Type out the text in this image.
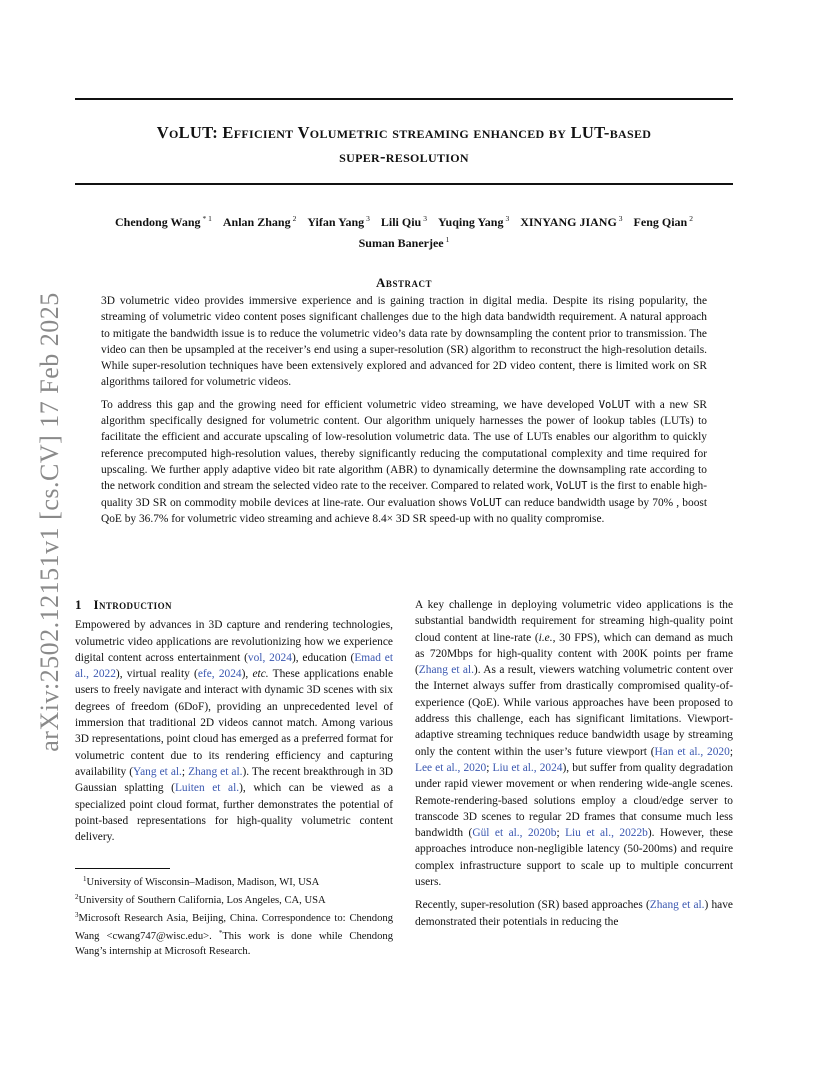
arXiv:2502.12151v1 [cs.CV] 17 Feb 2025
VoLUT: Efficient Volumetric streaming enhanced by LUT-based
super-resolution
Chendong Wang $^{* 1}$ Anlan Zhang $^2$ Yifan Yang $^3$ Lili Qiu $^3$ Yuqing Yang $^3$ XINYANG JIANG $^3$ Feng Qian $^2$
Suman Banerjee $^1$
Abstract

3D volumetric video provides immersive experience and is gaining traction in digital media. Despite its rising popularity, the streaming of volumetric video content poses significant challenges due to the high data bandwidth requirement. A natural approach to mitigate the bandwidth issue is to reduce the volumetric video’s data rate by downsampling the content prior to transmission. The video can then be upsampled at the receiver’s end using a super-resolution (SR) algorithm to reconstruct the high-resolution details. While super-resolution techniques have been extensively explored and advanced for 2D video content, there is limited work on SR algorithms tailored for volumetric videos.

To address this gap and the growing need for efficient volumetric video streaming, we have developed VoLUT with a new SR algorithm specifically designed for volumetric content. Our algorithm uniquely harnesses the power of lookup tables (LUTs) to facilitate the efficient and accurate upscaling of low-resolution volumetric data. The use of LUTs enables our algorithm to quickly reference precomputed high-resolution values, thereby significantly reducing the computational complexity and time required for upscaling. We further apply adaptive video bit rate algorithm (ABR) to dynamically determine the downsampling rate according to the network condition and stream the selected video rate to the receiver. Compared to related work, VoLUT is the first to enable high-quality 3D SR on commodity mobile devices at line-rate. Our evaluation shows VoLUT can reduce bandwidth usage by 70% , boost QoE by 36.7% for volumetric video streaming and achieve 8.4× 3D SR speed-up with no quality compromise.

1 Introduction

Empowered by advances in 3D capture and rendering technologies, volumetric video applications are revolutionizing how we experience digital content across entertainment (vol, 2024), education (Emad et al., 2022), virtual reality (efe, 2024), etc. These applications enable users to freely navigate and interact with dynamic 3D scenes with six degrees of freedom (6DoF), providing an unprecedented level of immersion that traditional 2D videos cannot match. Among various 3D representations, point cloud has emerged as a preferred format for volumetric content due to its rendering efficiency and capturing availability (Yang et al.; Zhang et al.). The recent breakthrough in 3D Gaussian splatting (Luiten et al.), which can be viewed as a specialized point cloud format, further demonstrates the potential of point-based representations for high-quality volumetric content delivery.

$^1$University of Wisconsin–Madison, Madison, WI, USA

$^2$University of Southern California, Los Angeles, CA, USA

$^3$Microsoft Research Asia, Beijing, China. Correspondence to: Chendong Wang <cwang747@wisc.edu>. *This work is done while Chendong Wang’s internship at Microsoft Research.

A key challenge in deploying volumetric video applications is the substantial bandwidth requirement for streaming high-quality point cloud content at line-rate (i.e., 30 FPS), which can demand as much as 720Mbps for high-quality content with 200K points per frame (Zhang et al.). As a result, viewers watching volumetric content over the Internet always suffer from drastically compromised quality-of-experience (QoE). While various approaches have been proposed to address this challenge, each has significant limitations. Viewport-adaptive streaming techniques reduce bandwidth usage by streaming only the content within the user’s future viewport (Han et al., 2020; Lee et al., 2020; Liu et al., 2024), but suffer from quality degradation under rapid viewer movement or when rendering wide-angle scenes. Remote-rendering-based solutions employ a cloud/edge server to transcode 3D scenes to regular 2D frames that consume much less bandwidth (Gül et al., 2020b; Liu et al., 2022b). However, these approaches introduce non-negligible latency (50-200ms) and require complex infrastructure support to scale up to multiple concurrent users.

Recently, super-resolution (SR) based approaches (Zhang et al.) have demonstrated their potentials in reducing the
